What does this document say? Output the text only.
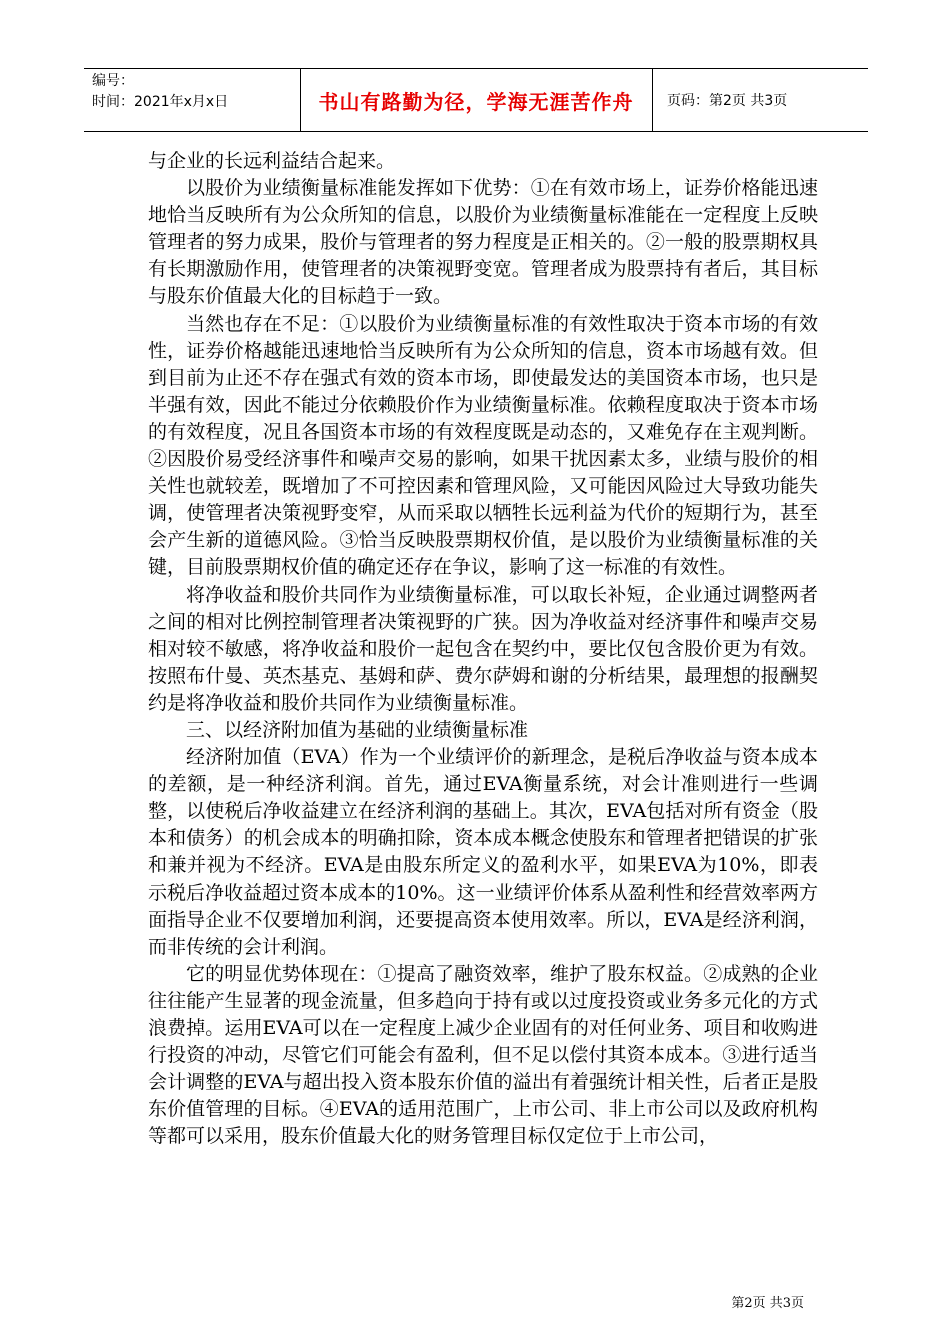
编号：
时间：2021年x月x日	书山有路勤为径，学海无涯苦作舟	页码：第2页 共3页

与企业的长远利益结合起来。

以股价为业绩衡量标准能发挥如下优势：①在有效市场上，证券价格能迅速地恰当反映所有为公众所知的信息，以股价为业绩衡量标准能在一定程度上反映管理者的努力成果，股价与管理者的努力程度是正相关的。②一般的股票期权具有长期激励作用，使管理者的决策视野变宽。管理者成为股票持有者后，其目标与股东价值最大化的目标趋于一致。

当然也存在不足：①以股价为业绩衡量标准的有效性取决于资本市场的有效性，证券价格越能迅速地恰当反映所有为公众所知的信息，资本市场越有效。但到目前为止还不存在强式有效的资本市场，即使最发达的美国资本市场，也只是半强有效，因此不能过分依赖股价作为业绩衡量标准。依赖程度取决于资本市场的有效程度，况且各国资本市场的有效程度既是动态的，又难免存在主观判断。②因股价易受经济事件和噪声交易的影响，如果干扰因素太多，业绩与股价的相关性也就较差，既增加了不可控因素和管理风险，又可能因风险过大导致功能失调，使管理者决策视野变窄，从而采取以牺牲长远利益为代价的短期行为，甚至会产生新的道德风险。③恰当反映股票期权价值，是以股价为业绩衡量标准的关键，目前股票期权价值的确定还存在争议，影响了这一标准的有效性。

将净收益和股价共同作为业绩衡量标准，可以取长补短，企业通过调整两者之间的相对比例控制管理者决策视野的广狭。因为净收益对经济事件和噪声交易相对较不敏感，将净收益和股价一起包含在契约中，要比仅包含股价更为有效。按照布什曼、英杰基克、基姆和萨、费尔萨姆和谢的分析结果，最理想的报酬契约是将净收益和股价共同作为业绩衡量标准。

三、以经济附加值为基础的业绩衡量标准

经济附加值（EVA）作为一个业绩评价的新理念，是税后净收益与资本成本的差额，是一种经济利润。首先，通过EVA衡量系统，对会计准则进行一些调整，以使税后净收益建立在经济利润的基础上。其次，EVA包括对所有资金（股本和债务）的机会成本的明确扣除，资本成本概念使股东和管理者把错误的扩张和兼并视为不经济。EVA是由股东所定义的盈利水平，如果EVA为10%，即表示税后净收益超过资本成本的10%。这一业绩评价体系从盈利性和经营效率两方面指导企业不仅要增加利润，还要提高资本使用效率。所以，EVA是经济利润，而非传统的会计利润。

它的明显优势体现在：①提高了融资效率，维护了股东权益。②成熟的企业往往能产生显著的现金流量，但多趋向于持有或以过度投资或业务多元化的方式浪费掉。运用EVA可以在一定程度上减少企业固有的对任何业务、项目和收购进行投资的冲动，尽管它们可能会有盈利，但不足以偿付其资本成本。③进行适当会计调整的EVA与超出投入资本股东价值的溢出有着强统计相关性，后者正是股东价值管理的目标。④EVA的适用范围广，上市公司、非上市公司以及政府机构等都可以采用，股东价值最大化的财务管理目标仅定位于上市公司，

第2页 共3页
